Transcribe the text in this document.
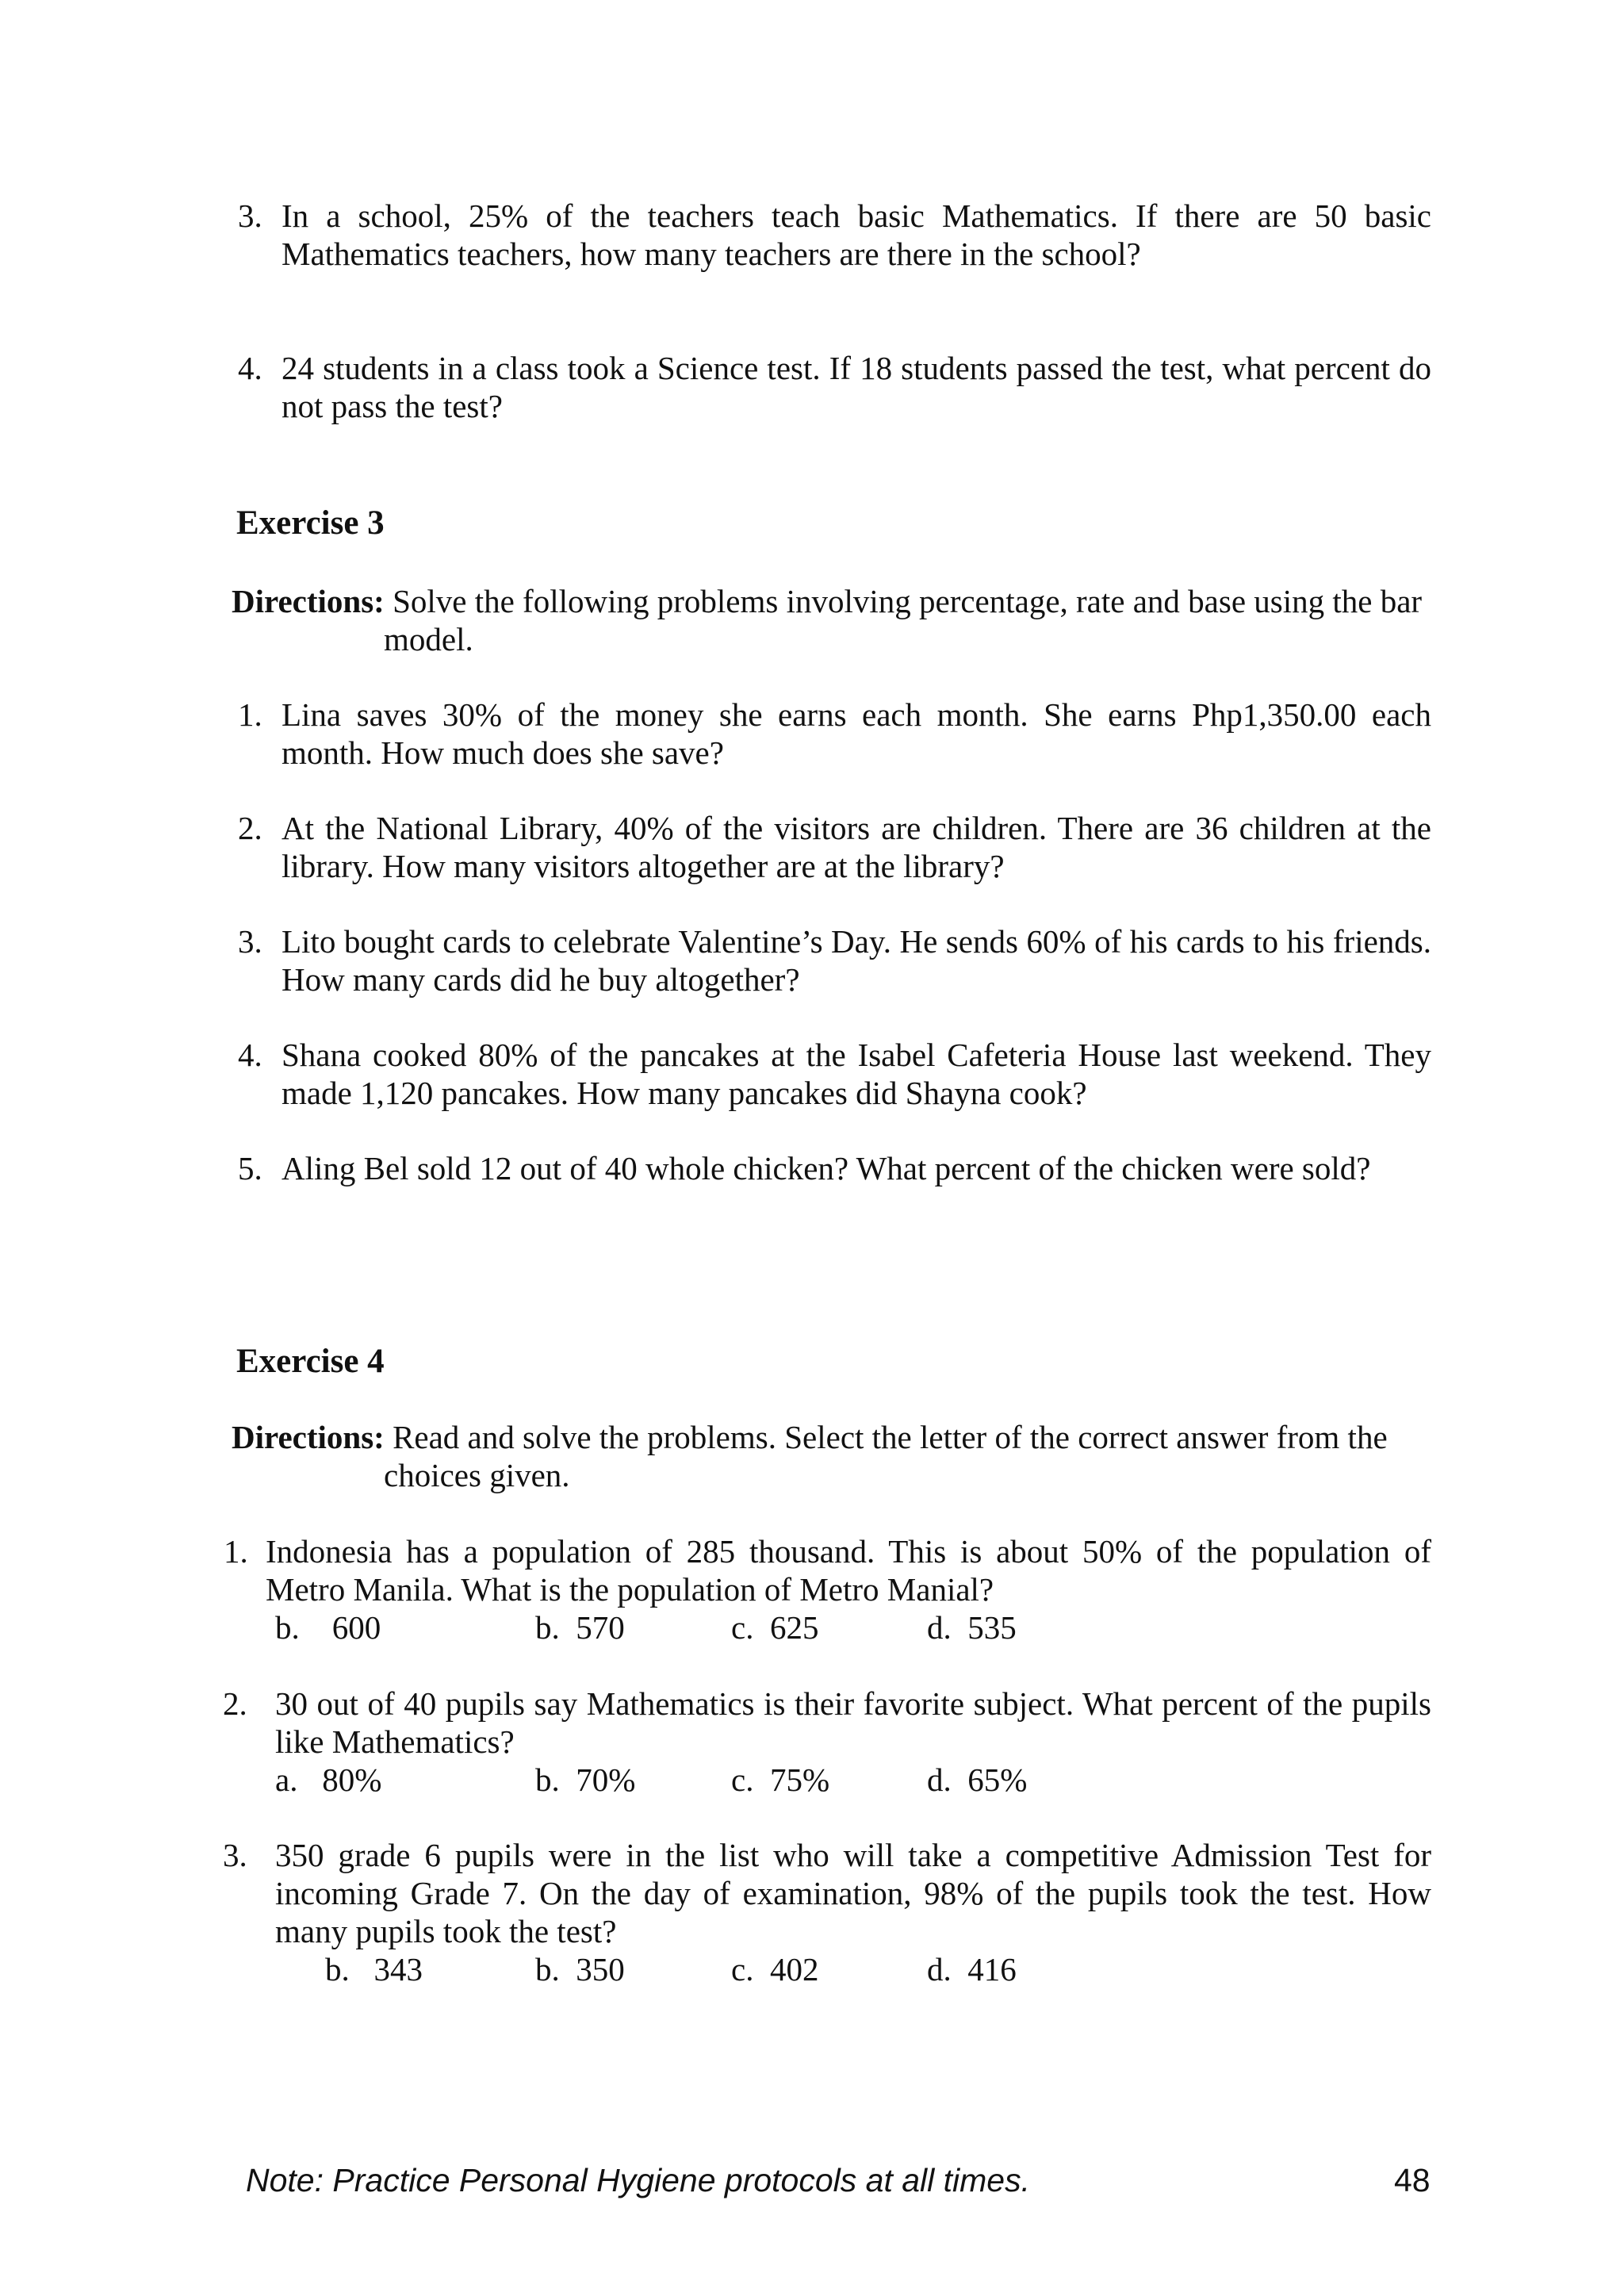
3. In a school, 25% of the teachers teach basic Mathematics. If there are 50 basic Mathematics teachers, how many teachers are there in the school?
4. 24 students in a class took a Science test. If 18 students passed the test, what percent do not pass the test?
Exercise 3
Directions: Solve the following problems involving percentage, rate and base using the bar
model.
1. Lina saves 30% of the money she earns each month. She earns Php1,350.00 each month. How much does she save?
2. At the National Library, 40% of the visitors are children. There are 36 children at the library. How many visitors altogether are at the library?
3. Lito bought cards to celebrate Valentine’s Day. He sends 60% of his cards to his friends. How many cards did he buy altogether?
4. Shana cooked 80% of the pancakes at the Isabel Cafeteria House last weekend. They made 1,120 pancakes. How many pancakes did Shayna cook?
5. Aling Bel sold 12 out of 40 whole chicken? What percent of the chicken were sold?
Exercise 4
Directions: Read and solve the problems. Select the letter of the correct answer from the
choices given.
1. Indonesia has a population of 285 thousand. This is about 50% of the population of Metro Manila. What is the population of Metro Manial?
b.    600	b.  570	c.  625	d.  535
2. 30 out of 40 pupils say Mathematics is their favorite subject. What percent of the pupils like Mathematics?
a.   80%	b.  70%	c.  75%	d.  65%
3. 350 grade 6 pupils were in the list who will take a competitive Admission Test for incoming Grade 7. On the day of examination, 98% of the pupils took the test. How many pupils took the test?
b.   343	b.  350	c.  402	d.  416
Note: Practice Personal Hygiene protocols at all times.	48
